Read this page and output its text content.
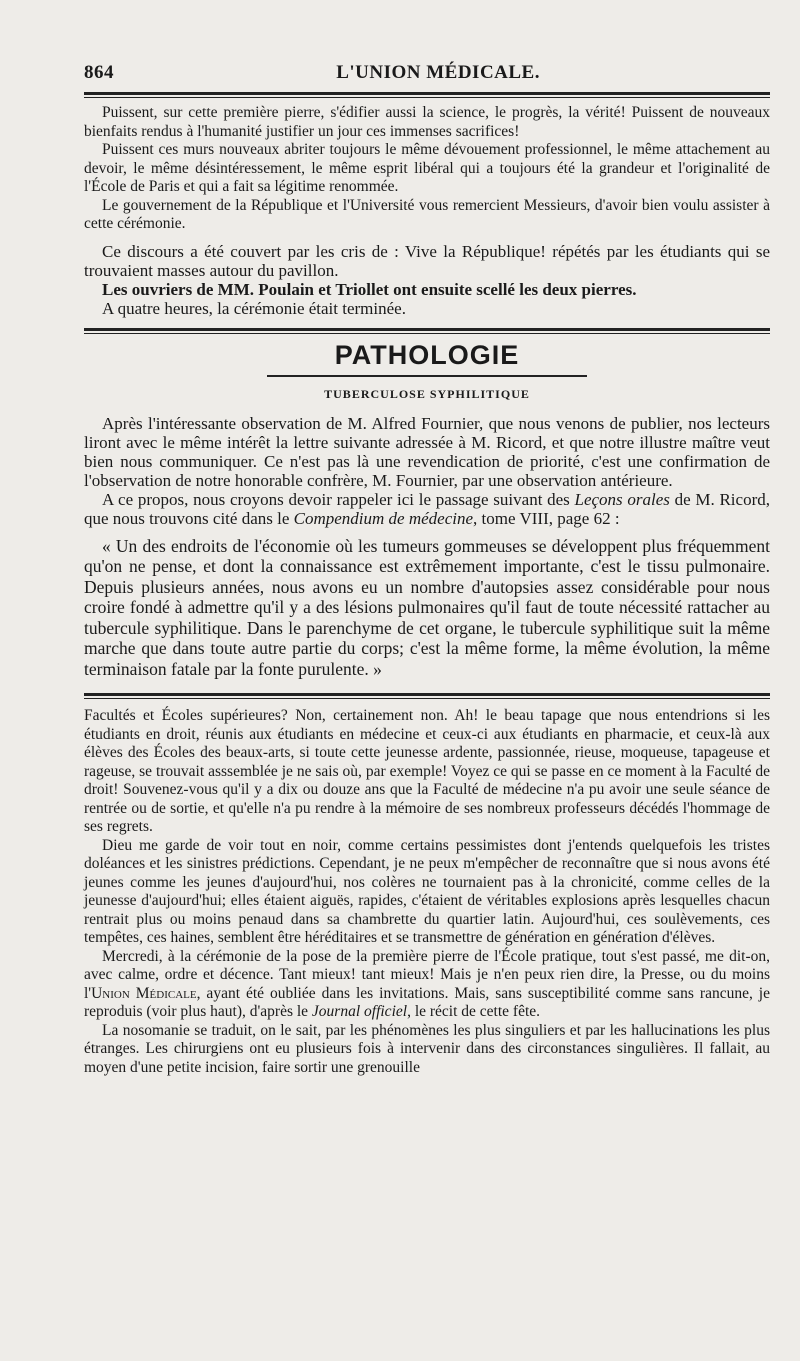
864	L'UNION MÉDICALE.

Puissent, sur cette première pierre, s'édifier aussi la science, le progrès, la vérité! Puissent de nouveaux bienfaits rendus à l'humanité justifier un jour ces immenses sacrifices!

Puissent ces murs nouveaux abriter toujours le même dévouement professionnel, le même attachement au devoir, le même désintéressement, le même esprit libéral qui a toujours été la grandeur et l'originalité de l'École de Paris et qui a fait sa légitime renommée.

Le gouvernement de la République et l'Université vous remercient Messieurs, d'avoir bien voulu assister à cette cérémonie.

Ce discours a été couvert par les cris de : Vive la République! répétés par les étudiants qui se trouvaient masses autour du pavillon.

Les ouvriers de MM. Poulain et Triollet ont ensuite scellé les deux pierres.

A quatre heures, la cérémonie était terminée.

PATHOLOGIE
TUBERCULOSE SYPHILITIQUE

Après l'intéressante observation de M. Alfred Fournier, que nous venons de publier, nos lecteurs liront avec le même intérêt la lettre suivante adressée à M. Ricord, et que notre illustre maître veut bien nous communiquer. Ce n'est pas là une revendication de priorité, c'est une confirmation de l'observation de notre honorable confrère, M. Fournier, par une observation antérieure.

A ce propos, nous croyons devoir rappeler ici le passage suivant des Leçons orales de M. Ricord, que nous trouvons cité dans le Compendium de médecine, tome VIII, page 62 :

« Un des endroits de l'économie où les tumeurs gommeuses se développent plus fréquemment qu'on ne pense, et dont la connaissance est extrêmement importante, c'est le tissu pulmonaire. Depuis plusieurs années, nous avons eu un nombre d'autopsies assez considérable pour nous croire fondé à admettre qu'il y a des lésions pulmonaires qu'il faut de toute nécessité rattacher au tubercule syphilitique. Dans le parenchyme de cet organe, le tubercule syphilitique suit la même marche que dans toute autre partie du corps; c'est la même forme, la même évolution, la même terminaison fatale par la fonte purulente. »

Facultés et Écoles supérieures? Non, certainement non. Ah! le beau tapage que nous entendrions si les étudiants en droit, réunis aux étudiants en médecine et ceux-ci aux étudiants en pharmacie, et ceux-là aux élèves des Écoles des beaux-arts, si toute cette jeunesse ardente, passionnée, rieuse, moqueuse, tapageuse et rageuse, se trouvait asssemblée je ne sais où, par exemple! Voyez ce qui se passe en ce moment à la Faculté de droit! Souvenez-vous qu'il y a dix ou douze ans que la Faculté de médecine n'a pu avoir une seule séance de rentrée ou de sortie, et qu'elle n'a pu rendre à la mémoire de ses nombreux professeurs décédés l'hommage de ses regrets.

Dieu me garde de voir tout en noir, comme certains pessimistes dont j'entends quelquefois les tristes doléances et les sinistres prédictions. Cependant, je ne peux m'empêcher de reconnaître que si nous avons été jeunes comme les jeunes d'aujourd'hui, nos colères ne tournaient pas à la chronicité, comme celles de la jeunesse d'aujourd'hui; elles étaient aiguës, rapides, c'étaient de véritables explosions après lesquelles chacun rentrait plus ou moins penaud dans sa chambrette du quartier latin. Aujourd'hui, ces soulèvements, ces tempêtes, ces haines, semblent être héréditaires et se transmettre de génération en génération d'élèves.

Mercredi, à la cérémonie de la pose de la première pierre de l'École pratique, tout s'est passé, me dit-on, avec calme, ordre et décence. Tant mieux! tant mieux! Mais je n'en peux rien dire, la Presse, ou du moins l'Union Médicale, ayant été oubliée dans les invitations. Mais, sans susceptibilité comme sans rancune, je reproduis (voir plus haut), d'après le Journal officiel, le récit de cette fête.

La nosomanie se traduit, on le sait, par les phénomènes les plus singuliers et par les hallucinations les plus étranges. Les chirurgiens ont eu plusieurs fois à intervenir dans des circonstances singulières. Il fallait, au moyen d'une petite incision, faire sortir une grenouille
